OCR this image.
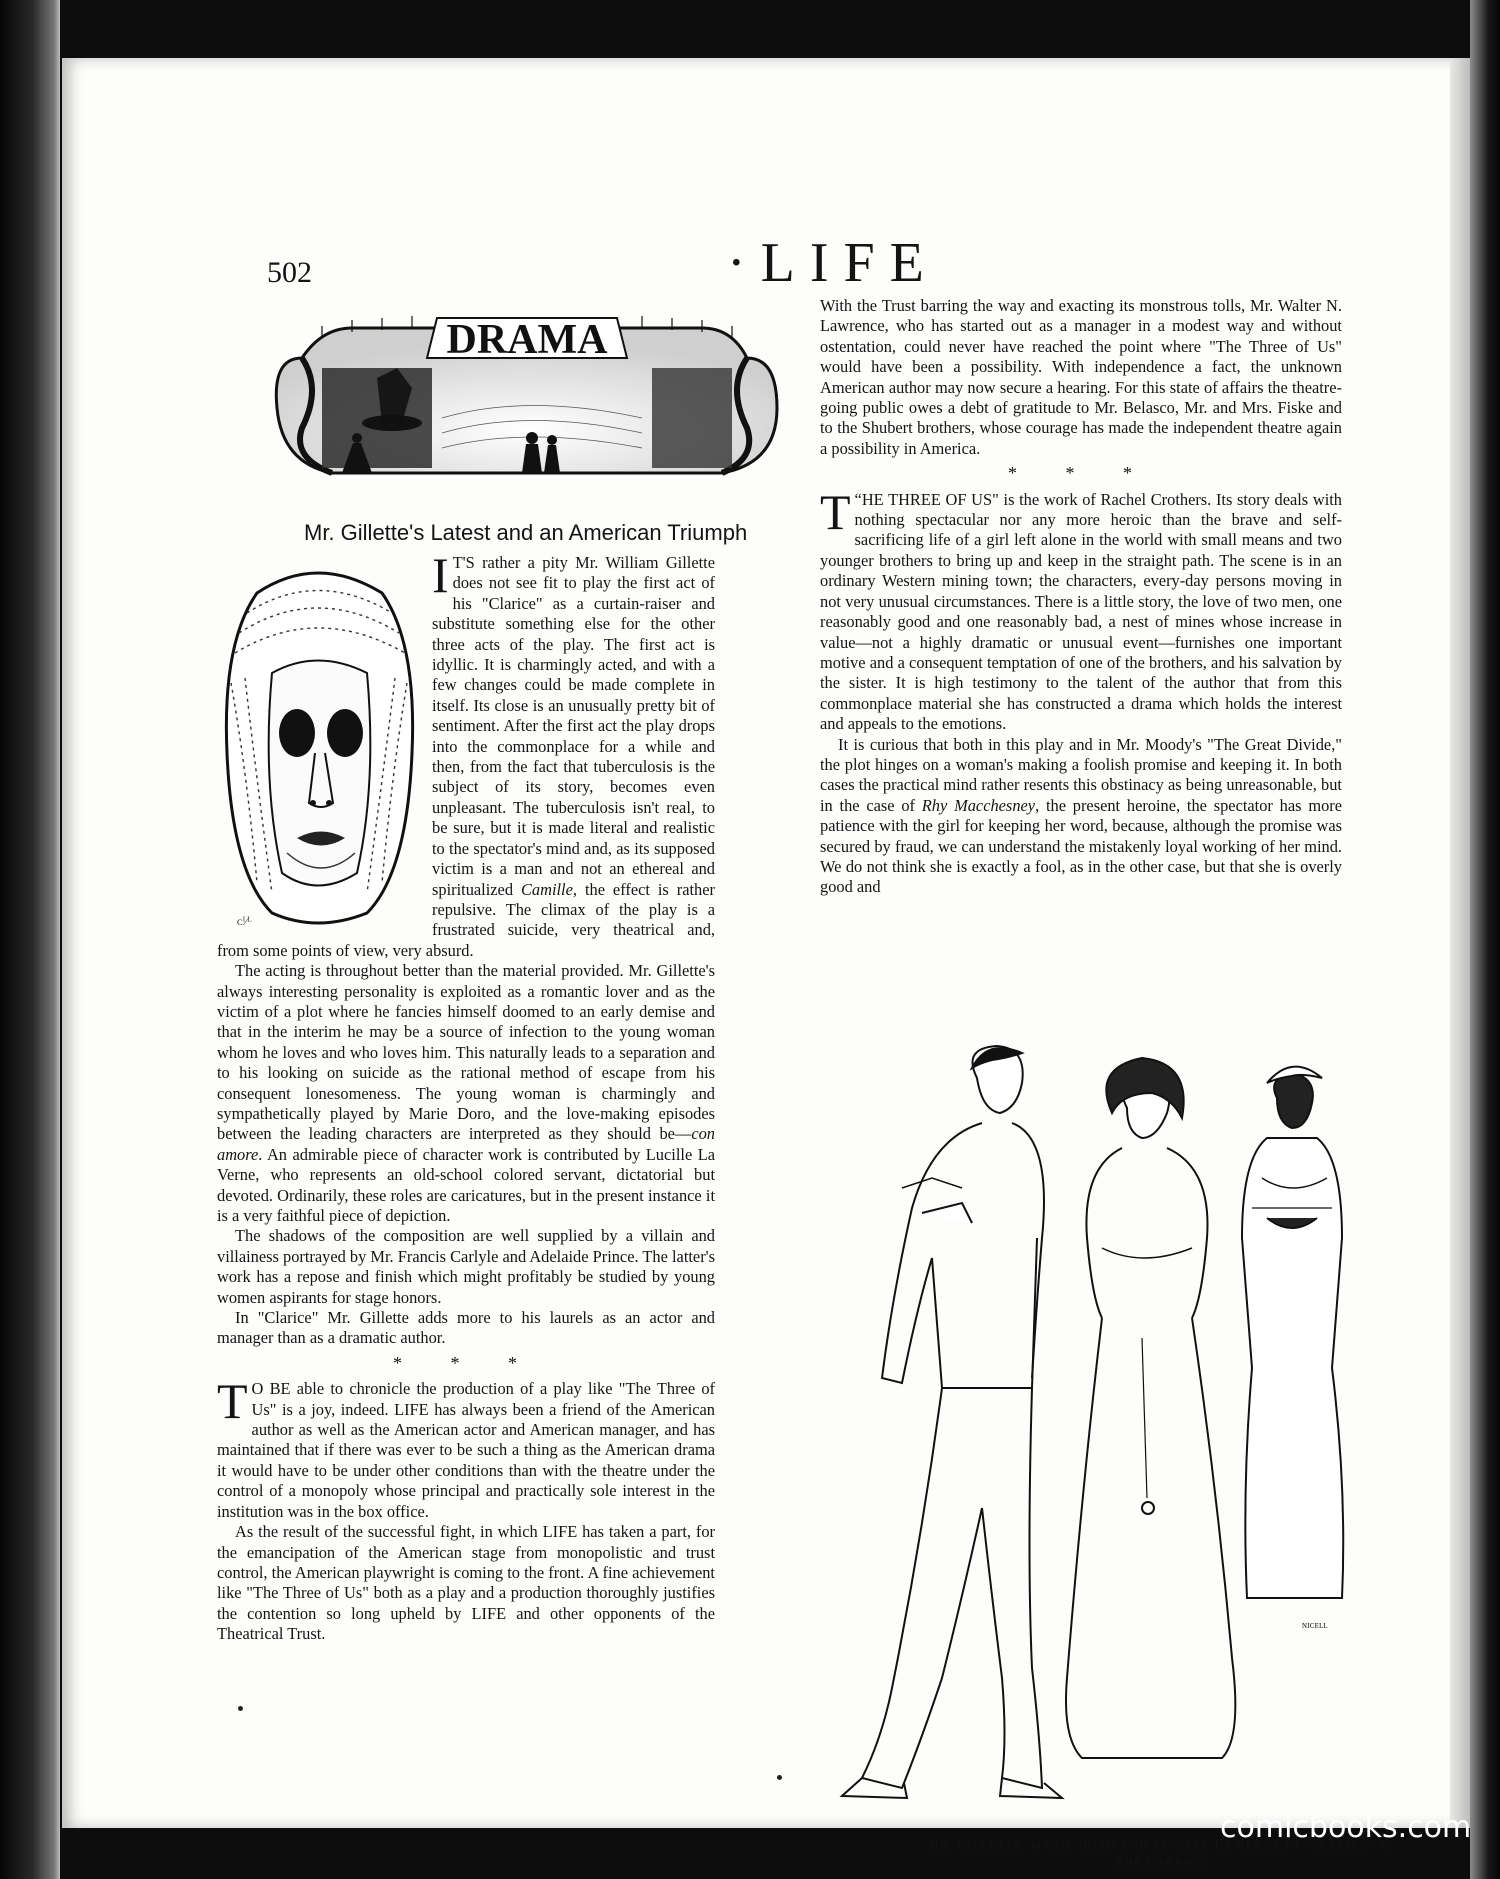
502	·LIFE
DRAMA
Mr. Gillette's Latest and an American Triumph
ᴄᴵ⁄ᴸ

I T'S rather a pity Mr. William Gillette does not see fit to play the first act of his "Clarice" as a curtain-raiser and substitute something else for the other three acts of the play. The first act is idyllic. It is charmingly acted, and with a few changes could be made complete in itself. Its close is an unusually pretty bit of sentiment. After the first act the play drops into the commonplace for a while and then, from the fact that tuberculosis is the subject of its story, becomes even unpleasant. The tuberculosis isn't real, to be sure, but it is made literal and realistic to the spectator's mind and, as its supposed victim is a man and not an ethereal and spiritualized Camille, the effect is rather repulsive. The climax of the play is a frustrated suicide, very theatrical and, from some points of view, very absurd.

The acting is throughout better than the material provided. Mr. Gillette's always interesting personality is exploited as a romantic lover and as the victim of a plot where he fancies himself doomed to an early demise and that in the interim he may be a source of infection to the young woman whom he loves and who loves him. This naturally leads to a separation and to his looking on suicide as the rational method of escape from his consequent lonesomeness. The young woman is charmingly and sympathetically played by Marie Doro, and the love-making episodes between the leading characters are interpreted as they should be—con amore. An admirable piece of character work is contributed by Lucille La Verne, who represents an old-school colored servant, dictatorial but devoted. Ordinarily, these roles are caricatures, but in the present instance it is a very faithful piece of depiction.

The shadows of the composition are well supplied by a villain and villainess portrayed by Mr. Francis Carlyle and Adelaide Prince. The latter's work has a repose and finish which might profitably be studied by young women aspirants for stage honors.

In "Clarice" Mr. Gillette adds more to his laurels as an actor and manager than as a dramatic author.

* * *

T O BE able to chronicle the production of a play like "The Three of Us" is a joy, indeed. LIFE has always been a friend of the American author as well as the American actor and American manager, and has maintained that if there was ever to be such a thing as the American drama it would have to be under other conditions than with the theatre under the control of a monopoly whose principal and practically sole interest in the institution was in the box office.

As the result of the successful fight, in which LIFE has taken a part, for the emancipation of the American stage from monopolistic and trust control, the American playwright is coming to the front. A fine achievement like "The Three of Us" both as a play and a production thoroughly justifies the contention so long upheld by LIFE and other opponents of the Theatrical Trust.

With the Trust barring the way and exacting its monstrous tolls, Mr. Walter N. Lawrence, who has started out as a manager in a modest way and without ostentation, could never have reached the point where "The Three of Us" would have been a possibility. With independence a fact, the unknown American author may now secure a hearing. For this state of affairs the theatre-going public owes a debt of gratitude to Mr. Belasco, Mr. and Mrs. Fiske and to the Shubert brothers, whose courage has made the independent theatre again a possibility in America.

* * *

“
T HE THREE OF US" is the work of Rachel Crothers. Its story deals with nothing spectacular nor any more heroic than the brave and self-sacrificing life of a girl left alone in the world with small means and two younger brothers to bring up and keep in the straight path. The scene is in an ordinary Western mining town; the characters, every-day persons moving in not very unusual circumstances. There is a little story, the love of two men, one reasonably good and one reasonably bad, a nest of mines whose increase in value—not a highly dramatic or unusual event—furnishes one important motive and a consequent temptation of one of the brothers, and his salvation by the sister. It is high testimony to the talent of the author that from this commonplace material she has constructed a drama which holds the interest and appeals to the emotions.

It is curious that both in this play and in Mr. Moody's "The Great Divide," the plot hinges on a woman's making a foolish promise and keeping it. In both cases the practical mind rather resents this obstinacy as being unreasonable, but in the case of Rhy Macchesney, the present heroine, the spectator has more patience with the girl for keeping her word, because, although the promise was secured by fraud, we can understand the mistakenly loyal working of her mind. We do not think she is exactly a fool, as in the other case, but that she is overly good and

ɴɪᴄᴇʟʟ
MR. GILLETTE, MARIE DORO AND LUCILLE LA VERNE IN "CLARICE" AT
THE GARRICK
comicbooks.com
